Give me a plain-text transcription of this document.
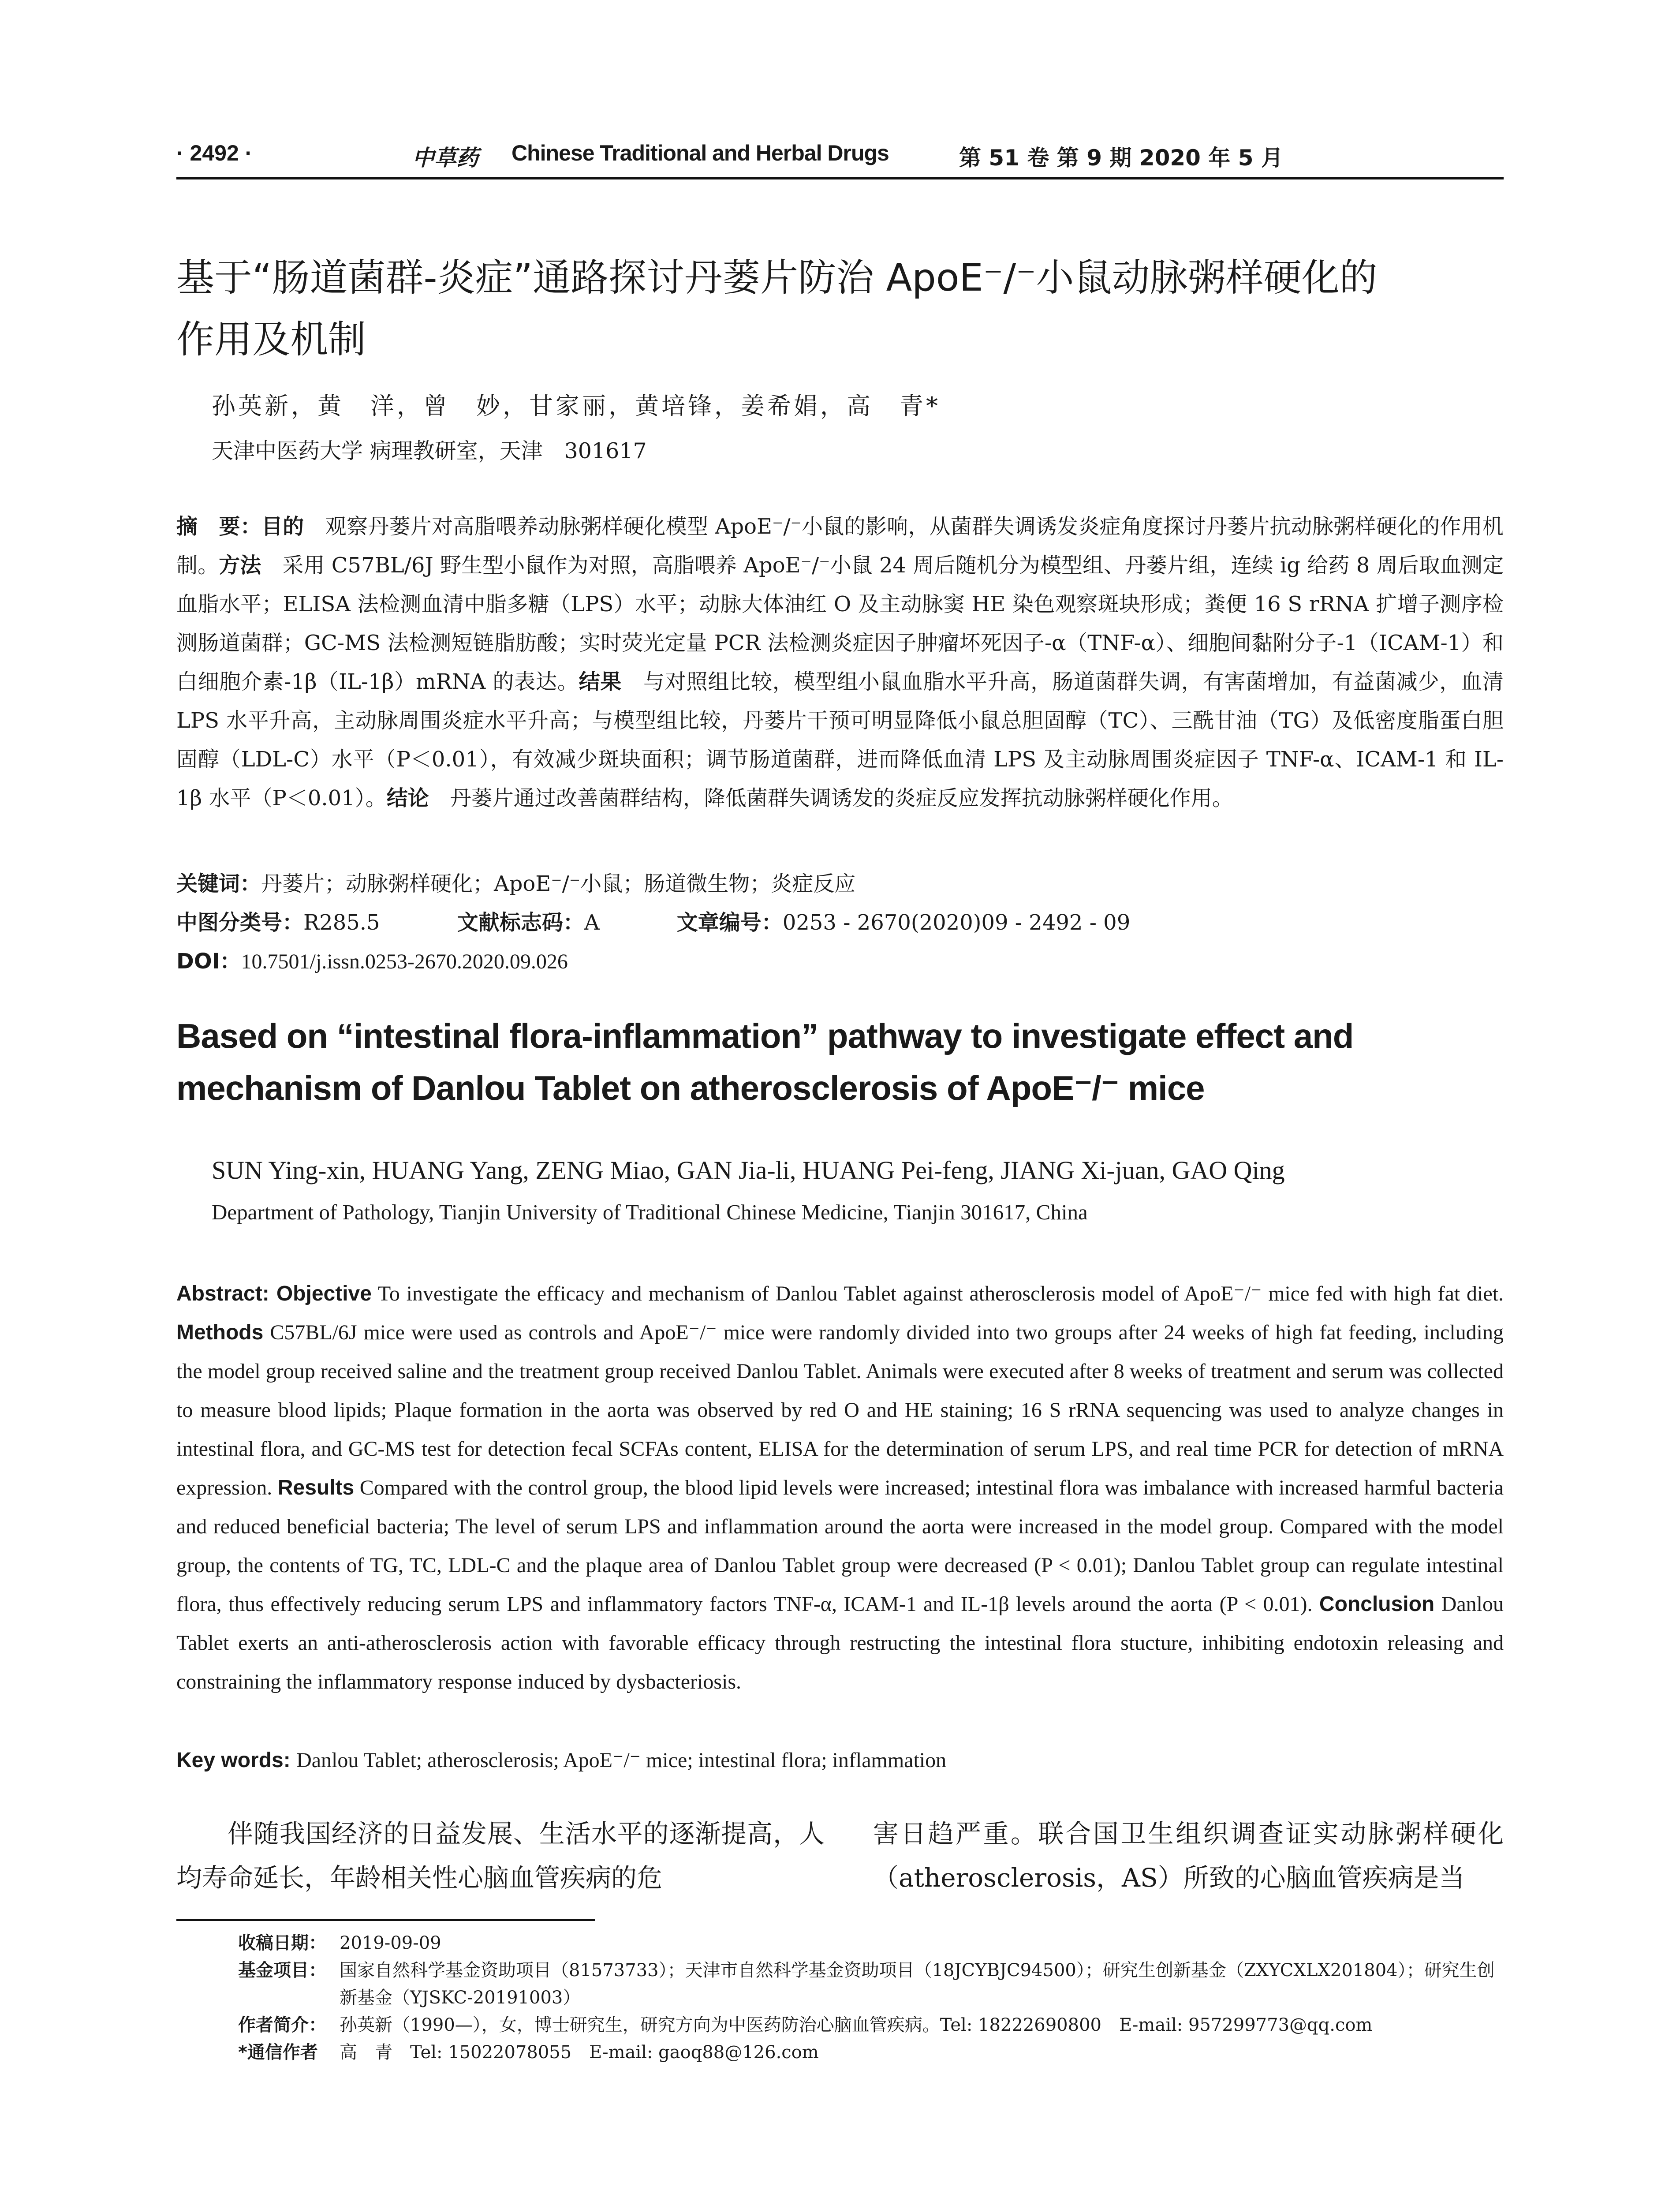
· 2492 ·	中草药 Chinese Traditional and Herbal Drugs	第 51 卷 第 9 期 2020 年 5 月
基于“肠道菌群-炎症”通路探讨丹蒌片防治 ApoE⁻/⁻小鼠动脉粥样硬化的
作用及机制
孙英新，黄　洋，曾　妙，甘家丽，黄培锋，姜希娟，高　青*
天津中医药大学 病理教研室，天津　301617
摘　要：目的　观察丹蒌片对高脂喂养动脉粥样硬化模型 ApoE⁻/⁻小鼠的影响，从菌群失调诱发炎症角度探讨丹蒌片抗动脉粥样硬化的作用机制。方法　采用 C57BL/6J 野生型小鼠作为对照，高脂喂养 ApoE⁻/⁻小鼠 24 周后随机分为模型组、丹蒌片组，连续 ig 给药 8 周后取血测定血脂水平；ELISA 法检测血清中脂多糖（LPS）水平；动脉大体油红 O 及主动脉窦 HE 染色观察斑块形成；粪便 16 S rRNA 扩增子测序检测肠道菌群；GC-MS 法检测短链脂肪酸；实时荧光定量 PCR 法检测炎症因子肿瘤坏死因子-α（TNF-α）、细胞间黏附分子-1（ICAM-1）和白细胞介素-1β（IL-1β）mRNA 的表达。结果　与对照组比较，模型组小鼠血脂水平升高，肠道菌群失调，有害菌增加，有益菌减少，血清 LPS 水平升高，主动脉周围炎症水平升高；与模型组比较，丹蒌片干预可明显降低小鼠总胆固醇（TC）、三酰甘油（TG）及低密度脂蛋白胆固醇（LDL-C）水平（P＜0.01），有效减少斑块面积；调节肠道菌群，进而降低血清 LPS 及主动脉周围炎症因子 TNF-α、ICAM-1 和 IL-1β 水平（P＜0.01）。结论　丹蒌片通过改善菌群结构，降低菌群失调诱发的炎症反应发挥抗动脉粥样硬化作用。
关键词：丹蒌片；动脉粥样硬化；ApoE⁻/⁻小鼠；肠道微生物；炎症反应
中图分类号：R285.5	文献标志码：A	文章编号：0253 - 2670(2020)09 - 2492 - 09
DOI：10.7501/j.issn.0253-2670.2020.09.026
Based on “intestinal flora-inflammation” pathway to investigate effect and
mechanism of Danlou Tablet on atherosclerosis of ApoE⁻/⁻ mice
SUN Ying-xin, HUANG Yang, ZENG Miao, GAN Jia-li, HUANG Pei-feng, JIANG Xi-juan, GAO Qing
Department of Pathology, Tianjin University of Traditional Chinese Medicine, Tianjin 301617, China
Abstract: Objective To investigate the efficacy and mechanism of Danlou Tablet against atherosclerosis model of ApoE⁻/⁻ mice fed with high fat diet. Methods C57BL/6J mice were used as controls and ApoE⁻/⁻ mice were randomly divided into two groups after 24 weeks of high fat feeding, including the model group received saline and the treatment group received Danlou Tablet. Animals were executed after 8 weeks of treatment and serum was collected to measure blood lipids; Plaque formation in the aorta was observed by red O and HE staining; 16 S rRNA sequencing was used to analyze changes in intestinal flora, and GC-MS test for detection fecal SCFAs content, ELISA for the determination of serum LPS, and real time PCR for detection of mRNA expression. Results Compared with the control group, the blood lipid levels were increased; intestinal flora was imbalance with increased harmful bacteria and reduced beneficial bacteria; The level of serum LPS and inflammation around the aorta were increased in the model group. Compared with the model group, the contents of TG, TC, LDL-C and the plaque area of Danlou Tablet group were decreased (P < 0.01); Danlou Tablet group can regulate intestinal flora, thus effectively reducing serum LPS and inflammatory factors TNF-α, ICAM-1 and IL-1β levels around the aorta (P < 0.01). Conclusion Danlou Tablet exerts an anti-atherosclerosis action with favorable efficacy through restructing the intestinal flora stucture, inhibiting endotoxin releasing and constraining the inflammatory response induced by dysbacteriosis.
Key words: Danlou Tablet; atherosclerosis; ApoE⁻/⁻ mice; intestinal flora; inflammation
伴随我国经济的日益发展、生活水平的逐渐提高，人均寿命延长，年龄相关性心脑血管疾病的危
害日趋严重。联合国卫生组织调查证实动脉粥样硬化（atherosclerosis，AS）所致的心脑血管疾病是当
收稿日期： 2019-09-09
基金项目： 国家自然科学基金资助项目（81573733）；天津市自然科学基金资助项目（18JCYBJC94500）；研究生创新基金（ZXYCXLX201804）；研究生创新基金（YJSKC-20191003）
作者简介： 孙英新（1990—），女，博士研究生，研究方向为中医药防治心脑血管疾病。Tel: 18222690800　E-mail: 957299773@qq.com
*通信作者 高　青　Tel: 15022078055　E-mail: gaoq88@126.com
